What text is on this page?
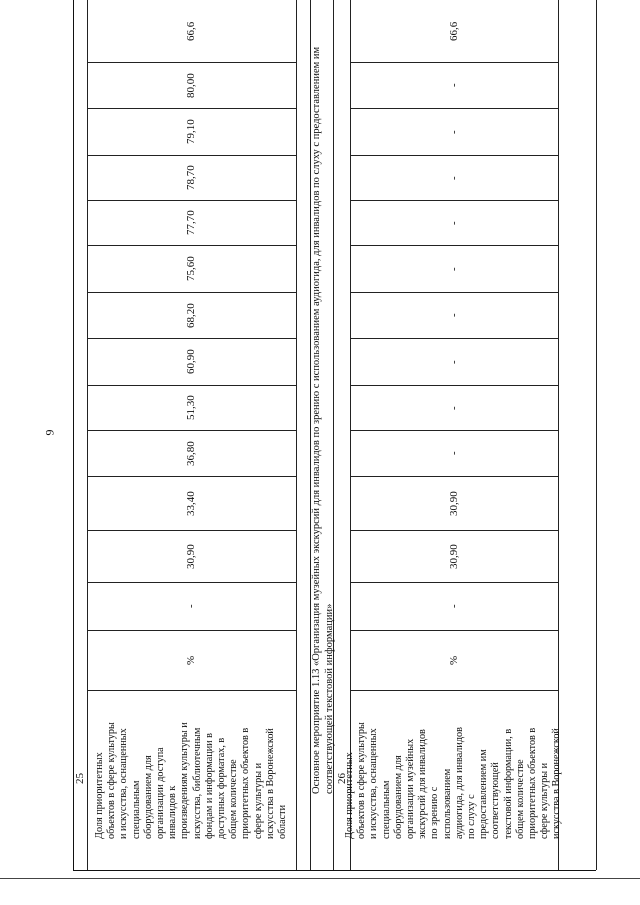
9
-
30,90
33,40
36,80
51,30
60,90
68,20
75,60
77,70
78,70
79,10
80,00
66,6
%
Доля приоритетных
объектов в сфере культуры
и искусства, оснащенных
специальным
оборудованием для
организации доступа
инвалидов к
произведениям культуры и
искусства, библиотечным
фондам и информации в
доступных форматах, в
общем количестве
приоритетных объектов в
сфере культуры и
искусства в Воронежской
области
25
-
30,90
30,90
-
-
-
-
-
-
-
-
-
66,6
%
Доля приоритетных
объектов в сфере культуры
и искусства, оснащенных
специальным
оборудованием для
организации музейных
экскурсий для инвалидов
по зрению с
использованием
аудиогида, для инвалидов
по слуху с
предоставлением им
соответствующей
текстовой информации, в
общем количестве
приоритетных объектов в
сфере культуры и
искусства в Воронежской
26
Основное мероприятие 1.13 «Организация музейных экскурсий для инвалидов по зрению с использованием аудиогида, для инвалидов по слуху с предоставлением им
соответствующей текстовой информации»
